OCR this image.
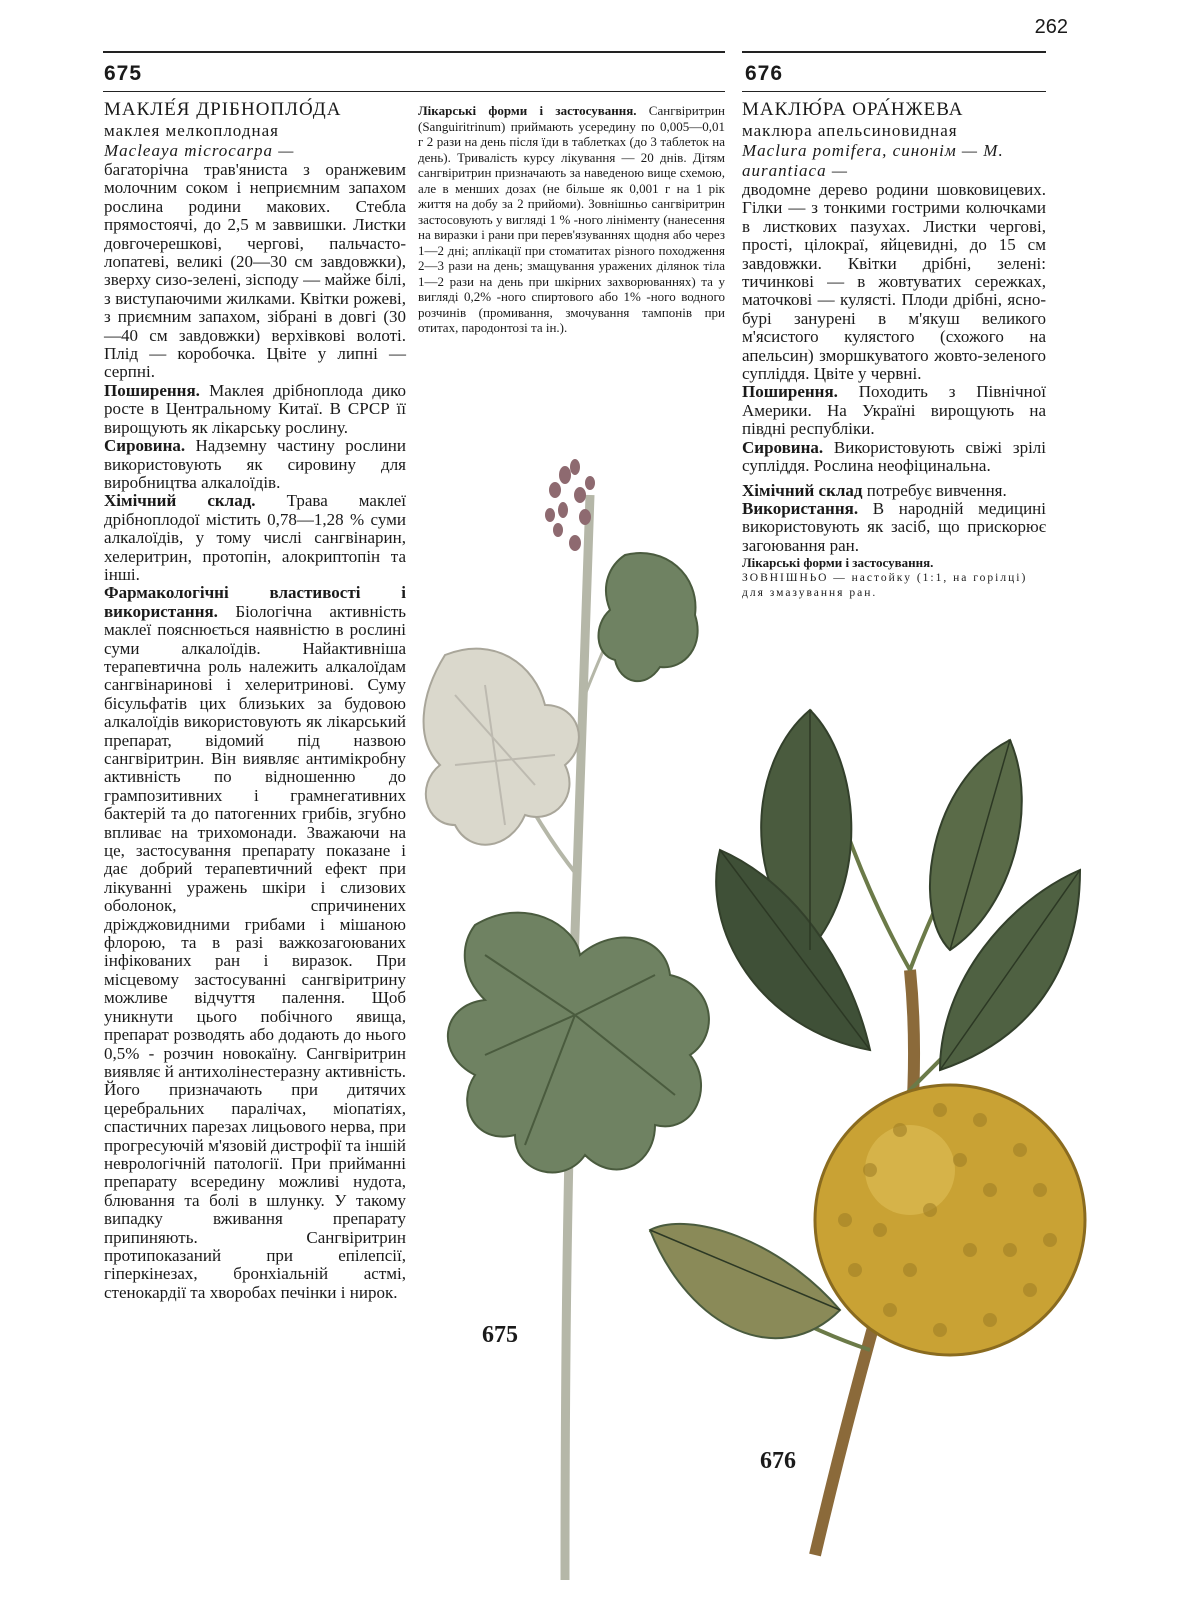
262
675	676
МАКЛЕ́Я ДРІБНОПЛО́ДА
маклея мелкоплодная
Macleaya microcarpa —

багаторічна трав'яниста з оранжевим молочним соком і неприємним запахом рослина родини макових. Стебла прямостоячі, до 2,5 м заввишки. Листки довгочерешкові, чергові, пальчасто-лопатеві, великі (20—30 см завдовжки), зверху сизо-зелені, зісподу — майже білі, з виступаючими жилками. Квітки рожеві, з приємним запахом, зібрані в довгі (30—40 см завдовжки) верхівкові волоті. Плід — коробочка. Цвіте у липні — серпні.

Поширення. Маклея дрібноплода дико росте в Центральному Китаї. В СРСР її вирощують як лікарську рослину.

Сировина. Надземну частину рослини використовують як сировину для виробництва алкалоїдів.

Хімічний склад. Трава маклеї дрібноплодої містить 0,78—1,28 % суми алкалоїдів, у тому числі сангвінарин, хелеритрин, протопін, алокриптопін та інші.

Фармакологічні властивості і використання. Біологічна активність маклеї пояснюється наявністю в рослині суми алкалоїдів. Найактивніша терапевтична роль належить алкалоїдам сангвінаринові і хелеритринові. Суму бісульфатів цих близьких за будовою алкалоїдів використовують як лікарський препарат, відомий під назвою сангвіритрин. Він виявляє антимікробну активність по відношенню до грампозитивних і грамнегативних бактерій та до патогенних грибів, згубно впливає на трихомонади. Зважаючи на це, застосування препарату показане і дає добрий терапевтичний ефект при лікуванні уражень шкіри і слизових оболонок, спричинених дріжджовидними грибами і мішаною флорою, та в разі важкозагоюваних інфікованих ран і виразок. При місцевому застосуванні сангвіритрину можливе відчуття палення. Щоб уникнути цього побічного явища, препарат розводять або додають до нього 0,5% - розчин новокаїну. Сангвіритрин виявляє й антихолінестеразну активність. Його призначають при дитячих церебральних паралічах, міопатіях, спастичних парезах лицьового нерва, при прогресуючій м'язовій дистрофії та іншій неврологічній патології. При прийманні препарату всередину можливі нудота, блювання та болі в шлунку. У такому випадку вживання препарату припиняють. Сангвіритрин протипоказаний при епілепсії, гіперкінезах, бронхіальній астмі, стенокардії та хворобах печінки і нирок.

Лікарські форми і застосування. Сангвіритрин (Sanguiritrinum) приймають усередину по 0,005—0,01 г 2 рази на день після їди в таблетках (до 3 таблеток на день). Тривалість курсу лікування — 20 днів. Дітям сангвіритрин призначають за наведеною вище схемою, але в менших дозах (не більше як 0,001 г на 1 рік життя на добу за 2 прийоми). Зовнішньо сангвіритрин застосовують у вигляді 1 % -ного лініменту (нанесення на виразки і рани при перев'язуваннях щодня або через 1—2 дні; аплікації при стоматитах різного походження 2—3 рази на день; змащування уражених ділянок тіла 1—2 рази на день при шкірних захворюваннях) та у вигляді 0,2% -ного спиртового або 1% -ного водного розчинів (промивання, змочування тампонів при отитах, пародонтозі та ін.).
МАКЛЮ́РА ОРА́НЖЕВА
маклюра апельсиновидная
Maclura pomifera, синонім — M. aurantiaca —

дводомне дерево родини шовковицевих. Гілки — з тонкими гострими колючками в листкових пазухах. Листки чергові, прості, цілокраї, яйцевидні, до 15 см завдовжки. Квітки дрібні, зелені: тичинкові — в жовтуватих сережках, маточкові — кулясті. Плоди дрібні, ясно-бурі занурені в м'якуш великого м'ясистого кулястого (схожого на апельсин) зморшкуватого жовто-зеленого супліддя. Цвіте у червні.

Поширення. Походить з Північної Америки. На Україні вирощують на півдні республіки.

Сировина. Використовують свіжі зрілі супліддя. Рослина неофіцинальна.

Хімічний склад потребує вивчення.

Використання. В народній медицині використовують як засіб, що прискорює загоювання ран.

Лікарські форми і застосування.
ЗОВНІШНЬО — настойку (1:1, на горілці) для змазування ран.
675
676
